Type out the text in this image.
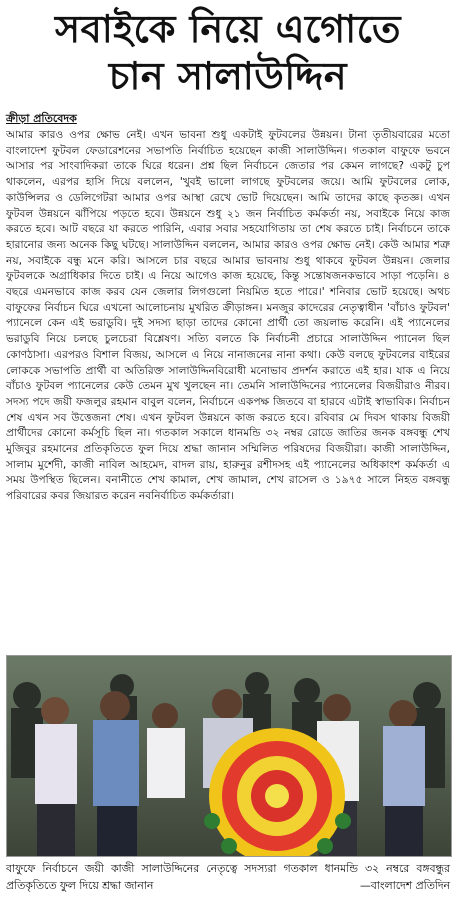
সবাইকে নিয়ে এগোতে
চান সালাউদ্দিন
ক্রীড়া প্রতিবেদক
আমার কারও ওপর ক্ষোভ নেই। এখন ভাবনা শুধু একটাই ফুটবলের উন্নয়ন। টানা তৃতীয়বারের মতো বাংলাদেশ ফুটবল ফেডারেশনের সভাপতি নির্বাচিত হয়েছেন কাজী সালাউদ্দিন। গতকাল বাফুফে ভবনে আসার পর সাংবাদিকরা তাকে ঘিরে ধরেন। প্রশ্ন ছিল নির্বাচনে জেতার পর কেমন লাগছে? একটু চুপ থাকলেন, এরপর হাসি দিয়ে বললেন, 'খুবই ভালো লাগছে ফুটবলের জয়ে। আমি ফুটবলের লোক, কাউন্সিলর ও ডেলিগেটরা আমার ওপর আস্থা রেখে ভোট দিয়েছেন। আমি তাদের কাছে কৃতজ্ঞ। এখন ফুটবল উন্নয়নে ঝাঁপিয়ে পড়তে হবে। উন্নয়নে শুধু ২১ জন নির্বাচিত কর্মকর্তা নয়, সবাইকে নিয়ে কাজ করতে হবে। আট বছরে যা করতে পারিনি, এবার সবার সহযোগিতায় তা শেষ করতে চাই। নির্বাচনে তাকে হারানোর জন্য অনেক কিছু ঘটছে। সালাউদ্দিন বললেন, আমার কারও ওপর ক্ষোভ নেই। কেউ আমার শত্রু নয়, সবাইকে বন্ধু মনে করি। আসলে চার বছরে আমার ভাবনায় শুধু থাকবে ফুটবল উন্নয়ন। জেলার ফুটবলকে অগ্রাধিকার দিতে চাই। এ নিয়ে আগেও কাজ হয়েছে, কিন্তু সন্তোষজনকভাবে সাড়া পড়েনি। ৪ বছরে এমনভাবে কাজ করব যেন জেলার লিগগুলো নিয়মিত হতে পারে।' শনিবার ভোট হয়েছে। অথচ বাফুফের নির্বাচন ঘিরে এখনো আলোচনায় মুখরিত ক্রীড়াঙ্গন। মনজুর কাদেরের নেতৃত্বাধীন 'বাঁচাও ফুটবল' প্যানেলে কেন এই ভরাডুবি। দুই সদস্য ছাড়া তাদের কোনো প্রার্থী তো জয়লাভ করেনি। এই প্যানেলের ভরাডুবি নিয়ে চলছে চুলচেরা বিশ্লেষণ। সত্যি বলতে কি নির্বাচনী প্রচারে সালাউদ্দিন প্যানেল ছিল কোণঠাসা। এরপরও বিশাল বিজয়, আসলে এ নিয়ে নানাজনের নানা কথা। কেউ বলছে ফুটবলের বাইরের লোককে সভাপতি প্রার্থী বা অতিরিক্ত সালাউদ্দিনবিরোধী মনোভাব প্রদর্শন করাতে এই হার। যাক এ নিয়ে বাঁচাও ফুটবল প্যানেলের কেউ তেমন মুখ খুলছেন না। তেমনি সালাউদ্দিনের প্যানেলের বিজয়ীরাও নীরব। সদস্য পদে জয়ী ফজলুর রহমান বাবুল বলেন, নির্বাচনে একপক্ষ জিতবে বা হারবে এটাই স্বাভাবিক। নির্বাচন শেষ এখন সব উত্তেজনা শেষ। এখন ফুটবল উন্নয়নে কাজ করতে হবে। রবিবার মে দিবস থাকায় বিজয়ী প্রার্থীদের কোনো কর্মসূচি ছিল না। গতকাল সকালে ধানমন্ডি ৩২ নম্বর রোডে জাতির জনক বঙ্গবন্ধু শেখ মুজিবুর রহমানের প্রতিকৃতিতে ফুল দিয়ে শ্রদ্ধা জানান সম্মিলিত পরিষদের বিজয়ীরা। কাজী সালাউদ্দিন, সালাম মুর্শেদী, কাজী নাবিল আহমেদ, বাদল রায়, হারুনুর রশীদসহ এই প্যানেলের অধিকাংশ কর্মকর্তা এ সময় উপস্থিত ছিলেন। বনানীতে শেখ কামাল, শেখ জামাল, শেখ রাসেল ও ১৯৭৫ সালে নিহত বঙ্গবন্ধু পরিবারের কবর জিয়ারত করেন নবনির্বাচিত কর্মকর্তারা।
বাফুফে নির্বাচনে জয়ী কাজী সালাউদ্দিনের নেতৃত্বে সদস্যরা গতকাল ধানমন্ডি ৩২ নম্বরে বঙ্গবন্ধুর প্রতিকৃতিতে ফুল দিয়ে শ্রদ্ধা জানান	—বাংলাদেশ প্রতিদিন
